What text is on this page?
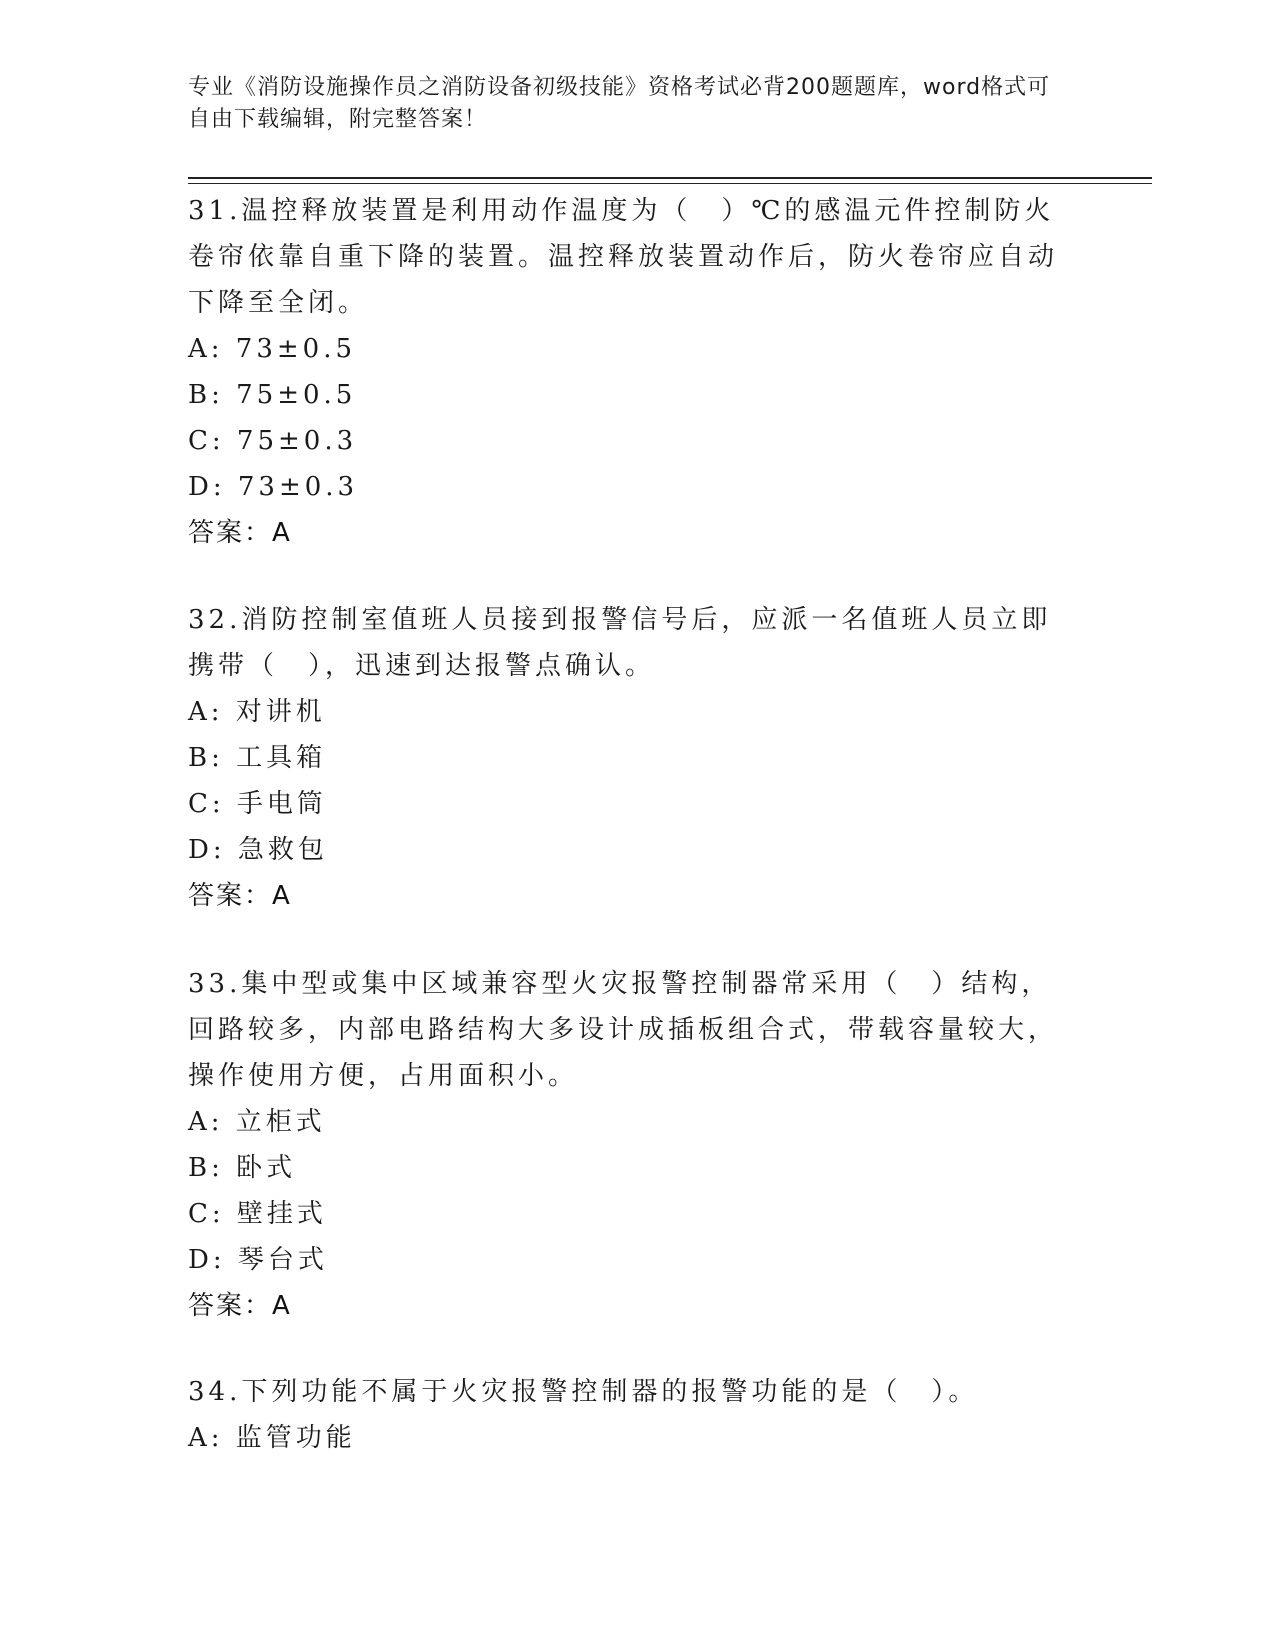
专业《消防设施操作员之消防设备初级技能》资格考试必背200题题库，word格式可自由下载编辑，附完整答案！

31.温控释放装置是利用动作温度为（　）℃的感温元件控制防火卷帘依靠自重下降的装置。温控释放装置动作后，防火卷帘应自动下降至全闭。

A: 73±0.5

B: 75±0.5

C: 75±0.3

D: 73±0.3

答案：A

32.消防控制室值班人员接到报警信号后，应派一名值班人员立即携带（　），迅速到达报警点确认。

A: 对讲机

B: 工具箱

C: 手电筒

D: 急救包

答案：A

33.集中型或集中区域兼容型火灾报警控制器常采用（　）结构，回路较多，内部电路结构大多设计成插板组合式，带载容量较大，操作使用方便，占用面积小。

A: 立柜式

B: 卧式

C: 壁挂式

D: 琴台式

答案：A

34.下列功能不属于火灾报警控制器的报警功能的是（　）。

A: 监管功能
